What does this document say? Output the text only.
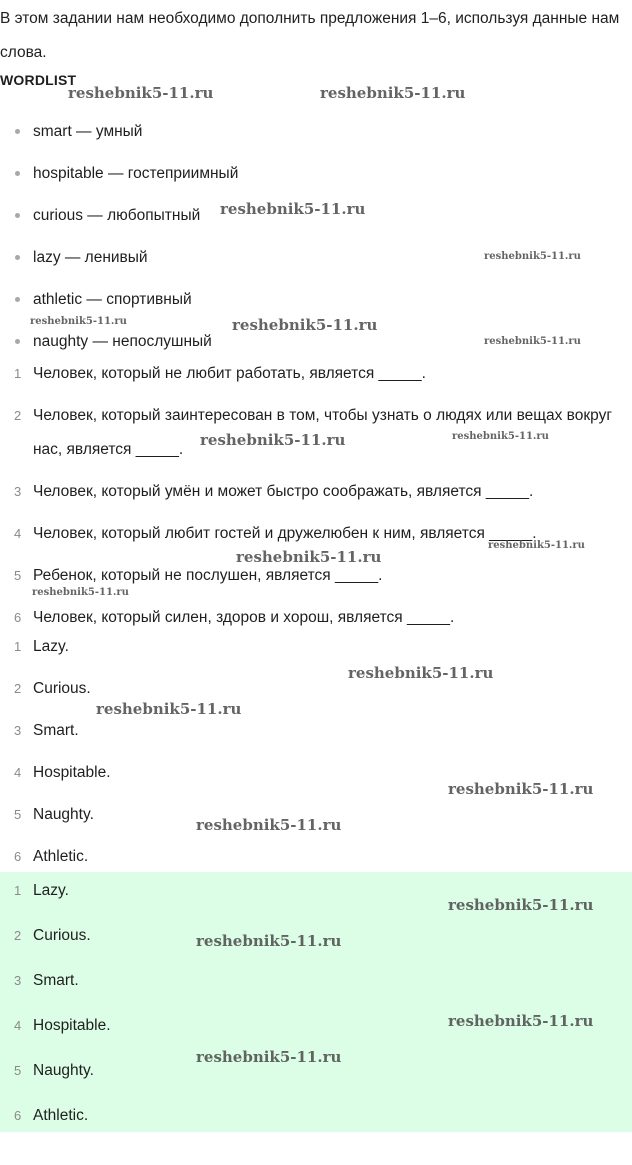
В этом задании нам необходимо дополнить предложения 1–6, используя данные нам слова.

WORDLIST
smart — умный
hospitable — гостеприимный
curious — любопытный
lazy — ленивый
athletic — спортивный
naughty — непослушный
1 Человек, который не любит работать, является _____.
2 Человек, который заинтересован в том, чтобы узнать о людях или вещах вокруг нас, является _____.
3 Человек, который умён и может быстро соображать, является _____.
4 Человек, который любит гостей и дружелюбен к ним, является _____.
5 Ребенок, который не послушен, является _____.
6 Человек, который силен, здоров и хорош, является _____.
1 Lazy.
2 Curious.
3 Smart.
4 Hospitable.
5 Naughty.
6 Athletic.
1 Lazy.
2 Curious.
3 Smart.
4 Hospitable.
5 Naughty.
6 Athletic.
reshebnik5-11.ru	reshebnik5-11.ru
reshebnik5-11.ru
reshebnik5-11.ru
reshebnik5-11.ru	reshebnik5-11.ru
reshebnik5-11.ru
reshebnik5-11.ru	reshebnik5-11.ru
reshebnik5-11.ru
reshebnik5-11.ru
reshebnik5-11.ru
reshebnik5-11.ru
reshebnik5-11.ru
reshebnik5-11.ru
reshebnik5-11.ru
reshebnik5-11.ru
reshebnik5-11.ru
reshebnik5-11.ru
reshebnik5-11.ru
